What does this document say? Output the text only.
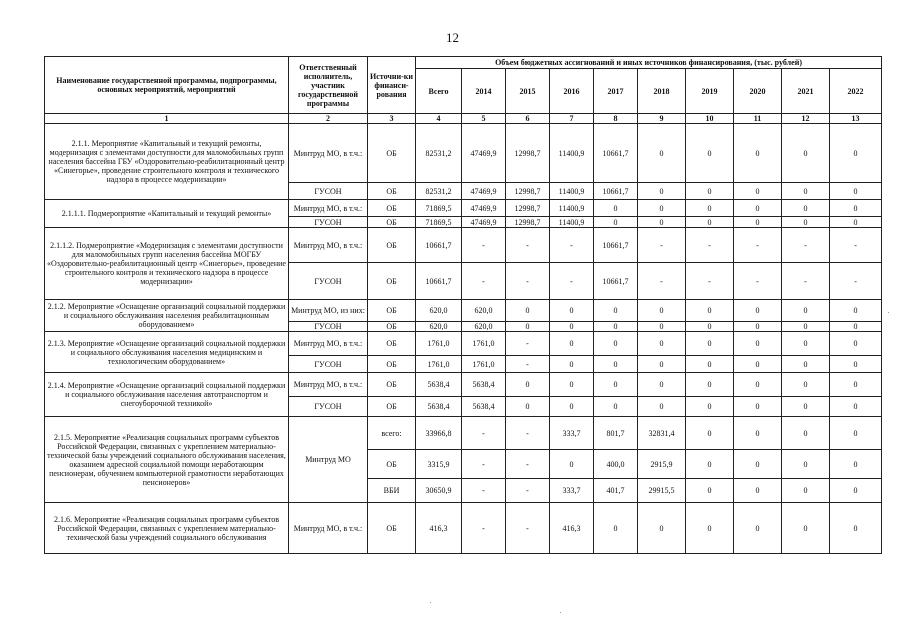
12
Наименование государственной программы, подпрограммы, основных мероприятий, мероприятий	Ответственный исполнитель, участник государственной программы	Источни-ки финанси-рования	Объем бюджетных ассигнований и иных источников финансирования, (тыс. рублей)									
			Всего	2014	2015	2016	2017	2018	2019	2020	2021	2022
1	2	3	4	5	6	7	8	9	10	11	12	13
2.1.1. Мероприятие «Капитальный и текущий ремонты, модернизация с элементами доступности для маломобильных групп населения бассейна ГБУ «Оздоровительно-реабилитационный центр «Синегорье», проведение строительного контроля и технического надзора в процессе модернизации»	Минтруд МО, в т.ч.:	ОБ	82531,2	47469,9	12998,7	11400,9	10661,7	0	0	0	0	0
	ГУСОН	ОБ	82531,2	47469,9	12998,7	11400,9	10661,7	0	0	0	0	0
2.1.1.1. Подмероприятие «Капитальный и текущий ремонты»	Минтруд МО, в т.ч.:	ОБ	71869,5	47469,9	12998,7	11400,9	0	0	0	0	0	0
	ГУСОН	ОБ	71869,5	47469,9	12998,7	11400,9	0	0	0	0	0	0
2.1.1.2. Подмероприятие «Модернизация с элементами доступности для маломобильных групп населения бассейна МОГБУ «Оздоровительно-реабилитационный центр «Синегорье», проведение строительного контроля и технического надзора в процессе модернизации»	Минтруд МО, в т.ч.:	ОБ	10661,7	-	-	-	10661,7	-	-	-	-	-
	ГУСОН	ОБ	10661,7	-	-	-	10661,7	-	-	-	-	-
2.1.2. Мероприятие «Оснащение организаций социальной поддержки и социального обслуживания населения реабилитационным оборудованием»	Минтруд МО, из них:	ОБ	620,0	620,0	0	0	0	0	0	0	0	0
	ГУСОН	ОБ	620,0	620,0	0	0	0	0	0	0	0	0
2.1.3. Мероприятие «Оснащение организаций социальной поддержки и социального обслуживания населения медицинским и технологическим оборудованием»	Минтруд МО, в т.ч.:	ОБ	1761,0	1761,0	-	0	0	0	0	0	0	0
	ГУСОН	ОБ	1761,0	1761,0	-	0	0	0	0	0	0	0
2.1.4. Мероприятие «Оснащение организаций социальной поддержки и социального обслуживания населения автотранспортом и снегоуборочной техникой»	Минтруд МО, в т.ч.:	ОБ	5638,4	5638,4	0	0	0	0	0	0	0	0
	ГУСОН	ОБ	5638,4	5638,4	0	0	0	0	0	0	0	0
2.1.5. Мероприятие «Реализация социальных программ субъектов Российской Федерации, связанных с укреплением материально-технической базы учреждений социального обслуживания населения, оказанием адресной социальной помощи неработающим пенсионерам, обучением компьютерной грамотности неработающих пенсионеров»	Минтруд МО	всего:	33966,8	-	-	333,7	801,7	32831,4	0	0	0	0
		ОБ	3315,9	-	-	0	400,0	2915,9	0	0	0	0
		ВБИ	30650,9	-	-	333,7	401,7	29915,5	0	0	0	0
2.1.6. Мероприятие «Реализация социальных программ субъектов Российской Федерации, связанных с укреплением материально-технической базы учреждений социального обслуживания	Минтруд МО, в т.ч.:	ОБ	416,3	-	-	416,3	0	0	0	0	0	0
